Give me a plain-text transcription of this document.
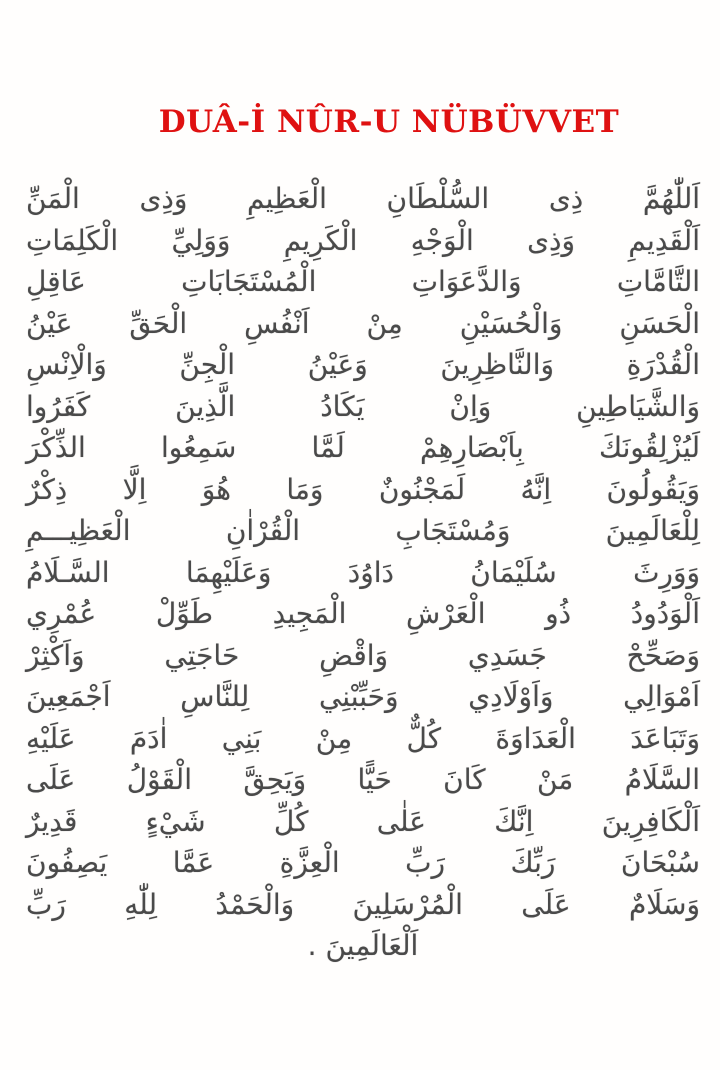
DUÂ-İ NÛR-U NÜBÜVVET
اَللّٰهُمَّ ذِى السُّلْطَانِ الْعَظِيمِ وَذِى الْمَنِّ
اَلْقَدِيمِ وَذِى الْوَجْهِ الْكَرِيمِ وَوَلِيِّ الْكَلِمَاتِ
التَّامَّاتِ وَالدَّعَوَاتِ الْمُسْتَجَابَاتِ عَاقِلِ
الْحَسَنِ وَالْحُسَيْنِ مِنْ اَنْفُسِ الْحَقِّ عَيْنُ
الْقُدْرَةِ وَالنَّاظِرِينَ وَعَيْنُ الْجِنِّ وَالْاِنْسِ
وَالشَّيَاطِينِ وَاِنْ يَكَادُ الَّذِينَ كَفَرُوا
لَيُزْلِقُونَكَ بِاَبْصَارِهِمْ لَمَّا سَمِعُوا الذِّكْرَ
وَيَقُولُونَ اِنَّهُ لَمَجْنُونٌ وَمَا هُوَ اِلَّا ذِكْرٌ
لِلْعَالَمِينَ وَمُسْتَجَابِ الْقُرْاٰنِ الْعَظِيـــمِ
وَوَرِثَ سُلَيْمَانُ دَاوُدَ وَعَلَيْهِمَا السَّـلَامُ
اَلْوَدُودُ ذُو الْعَرْشِ الْمَجِيدِ طَوِّلْ عُمْرِي
وَصَحِّحْ جَسَدِي وَاقْضِ حَاجَتِي وَاَكْثِرْ
اَمْوَالِي وَاَوْلَادِي وَحَبِّبْنِي لِلنَّاسِ اَجْمَعِينَ
وَتَبَاعَدَ الْعَدَاوَةَ كُلٌّ مِنْ بَنِي اٰدَمَ عَلَيْهِ
السَّلَامُ مَنْ كَانَ حَيًّا وَيَحِقَّ الْقَوْلُ عَلَى
اَلْكَافِرِينَ اِنَّكَ عَلٰى كُلِّ شَيْءٍ قَدِيرٌ
سُبْحَانَ رَبِّكَ رَبِّ الْعِزَّةِ عَمَّا يَصِفُونَ
وَسَلَامٌ عَلَى الْمُرْسَلِينَ وَالْحَمْدُ لِلّٰهِ رَبِّ
اَلْعَالَمِينَ .
